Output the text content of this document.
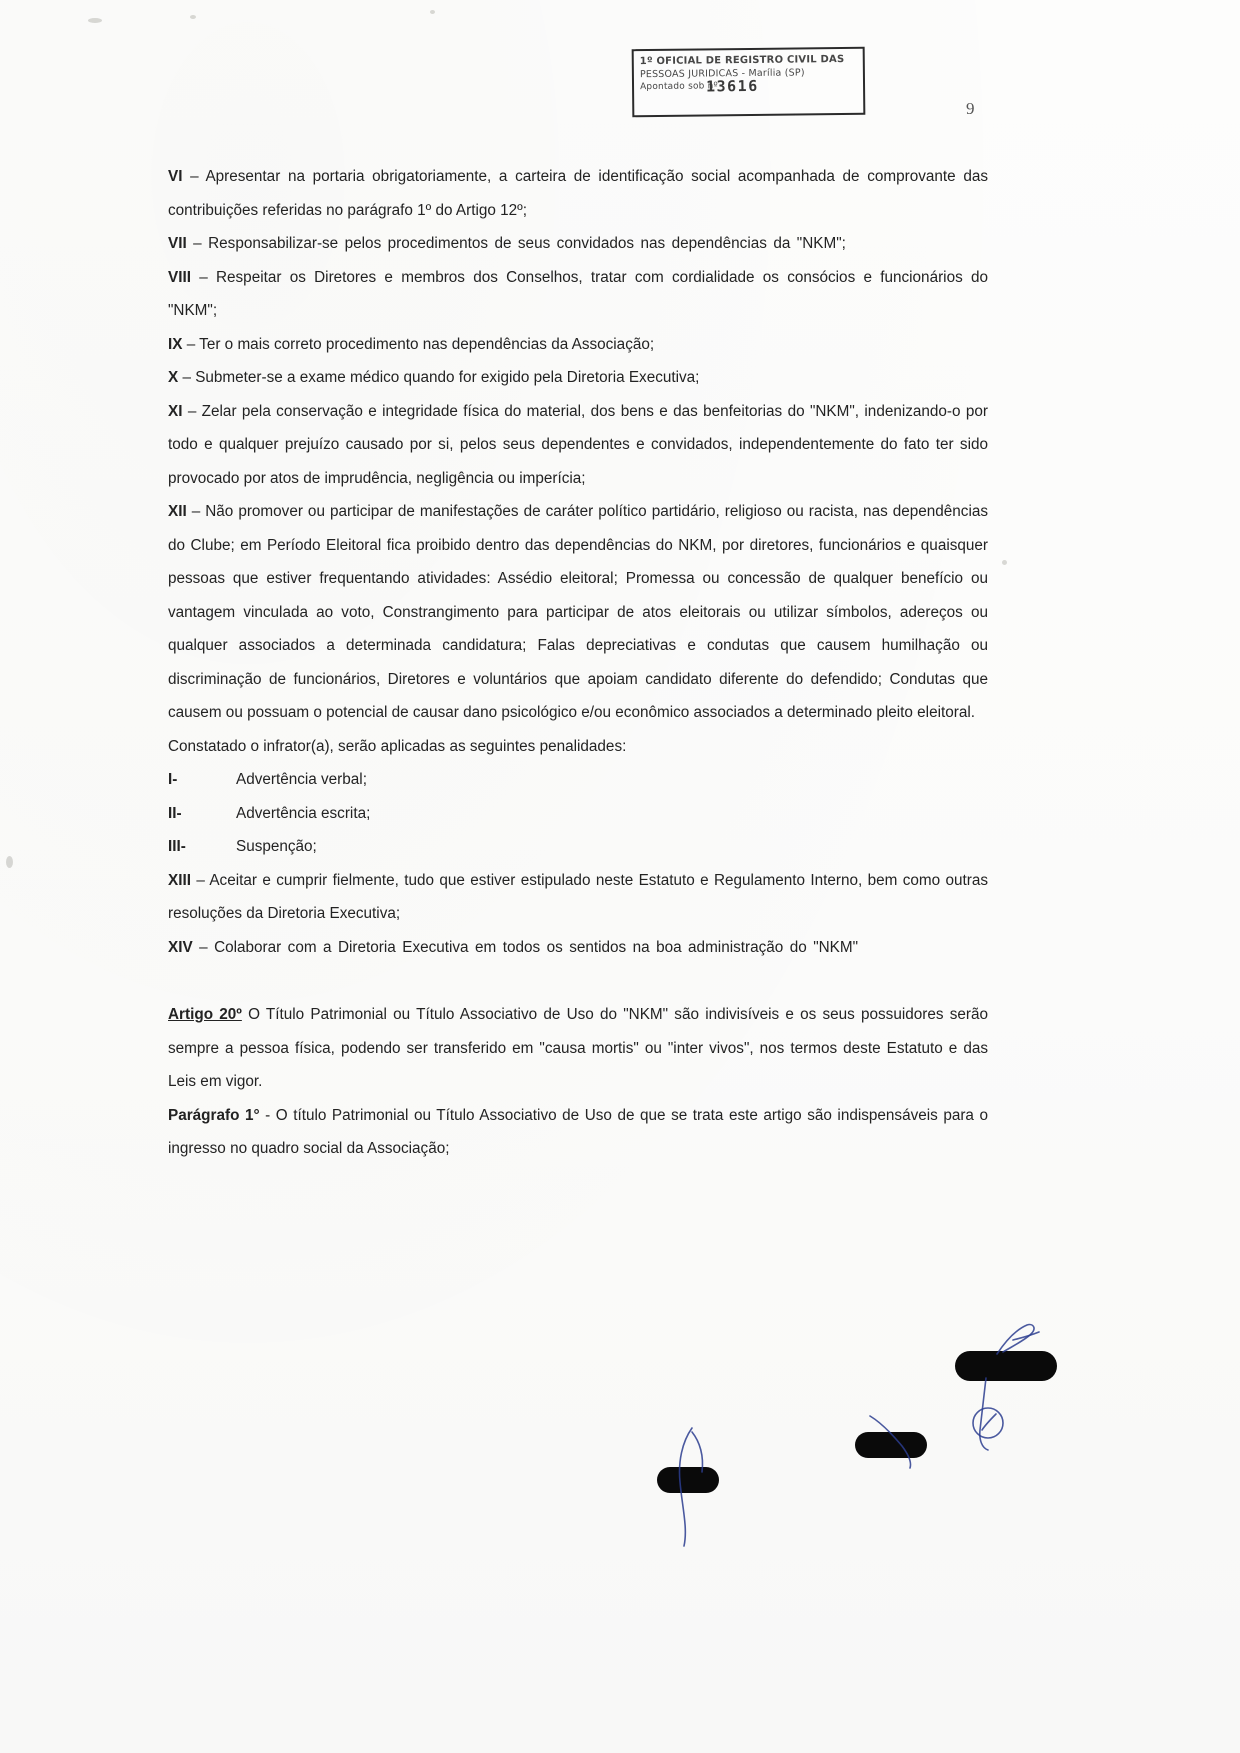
1º OFICIAL DE REGISTRO CIVIL DAS
PESSOAS JURIDICAS - Marília (SP)
Apontado sob nº
13616
9

VI – Apresentar na portaria obrigatoriamente, a carteira de identificação social acompanhada de comprovante das contribuições referidas no parágrafo 1º do Artigo 12º;

VII – Responsabilizar-se pelos procedimentos de seus convidados nas dependências da "NKM";

VIII – Respeitar os Diretores e membros dos Conselhos, tratar com cordialidade os consócios e funcionários do "NKM";

IX – Ter o mais correto procedimento nas dependências da Associação;

X – Submeter-se a exame médico quando for exigido pela Diretoria Executiva;

XI – Zelar pela conservação e integridade física do material, dos bens e das benfeitorias do "NKM", indenizando-o por todo e qualquer prejuízo causado por si, pelos seus dependentes e convidados, independentemente do fato ter sido provocado por atos de imprudência, negligência ou imperícia;

XII – Não promover ou participar de manifestações de caráter político partidário, religioso ou racista, nas dependências do Clube; em Período Eleitoral fica proibido dentro das dependências do NKM, por diretores, funcionários e quaisquer pessoas que estiver frequentando atividades: Assédio eleitoral; Promessa ou concessão de qualquer benefício ou vantagem vinculada ao voto, Constrangimento para participar de atos eleitorais ou utilizar símbolos, adereços ou qualquer associados a determinada candidatura; Falas depreciativas e condutas que causem humilhação ou discriminação de funcionários, Diretores e voluntários que apoiam candidato diferente do defendido; Condutas que causem ou possuam o potencial de causar dano psicológico e/ou econômico associados a determinado pleito eleitoral.

Constatado o infrator(a), serão aplicadas as seguintes penalidades:

I-	Advertência verbal;
II-	Advertência escrita;
III-	Suspenção;

XIII – Aceitar e cumprir fielmente, tudo que estiver estipulado neste Estatuto e Regulamento Interno, bem como outras resoluções da Diretoria Executiva;

XIV – Colaborar com a Diretoria Executiva em todos os sentidos na boa administração do "NKM"

Artigo 20º O Título Patrimonial ou Título Associativo de Uso do "NKM" são indivisíveis e os seus possuidores serão sempre a pessoa física, podendo ser transferido em "causa mortis" ou "inter vivos", nos termos deste Estatuto e das Leis em vigor.

Parágrafo 1° - O título Patrimonial ou Título Associativo de Uso de que se trata este artigo são indispensáveis para o ingresso no quadro social da Associação;
